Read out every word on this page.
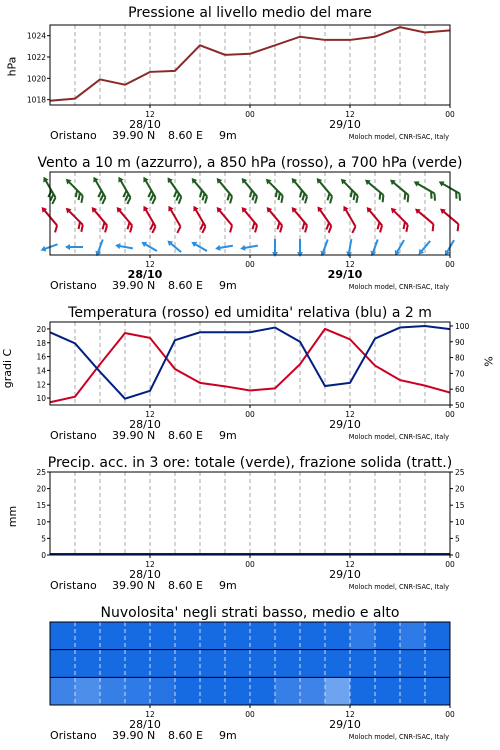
Pressione al livello medio del mare
hPa
1018
1020
1022
1024
12	00	12	00
28/10	29/10
Oristano 39.90 N 8.60 E 9m	Moloch model, CNR-ISAC, Italy
Vento a 10 m (azzurro), a 850 hPa (rosso), a 700 hPa (verde)
12	00	12	00
28/10	29/10
Oristano 39.90 N 8.60 E 9m	Moloch model, CNR-ISAC, Italy
Temperatura (rosso) ed umidita' relativa (blu) a 2 m
gradi C	%
10
12
14
16
18
20
50
60
70
80
90
100
12	00	12	00
28/10	29/10
Oristano 39.90 N 8.60 E 9m	Moloch model, CNR-ISAC, Italy
Precip. acc. in 3 ore: totale (verde), frazione solida (tratt.)
mm
0
5
10
15
20
25
0
5
10
15
20
25
12	00	12	00
28/10	29/10
Oristano 39.90 N 8.60 E 9m	Moloch model, CNR-ISAC, Italy
Nuvolosita' negli strati basso, medio e alto
12	00	12	00
28/10	29/10
Oristano 39.90 N 8.60 E 9m	Moloch model, CNR-ISAC, Italy
